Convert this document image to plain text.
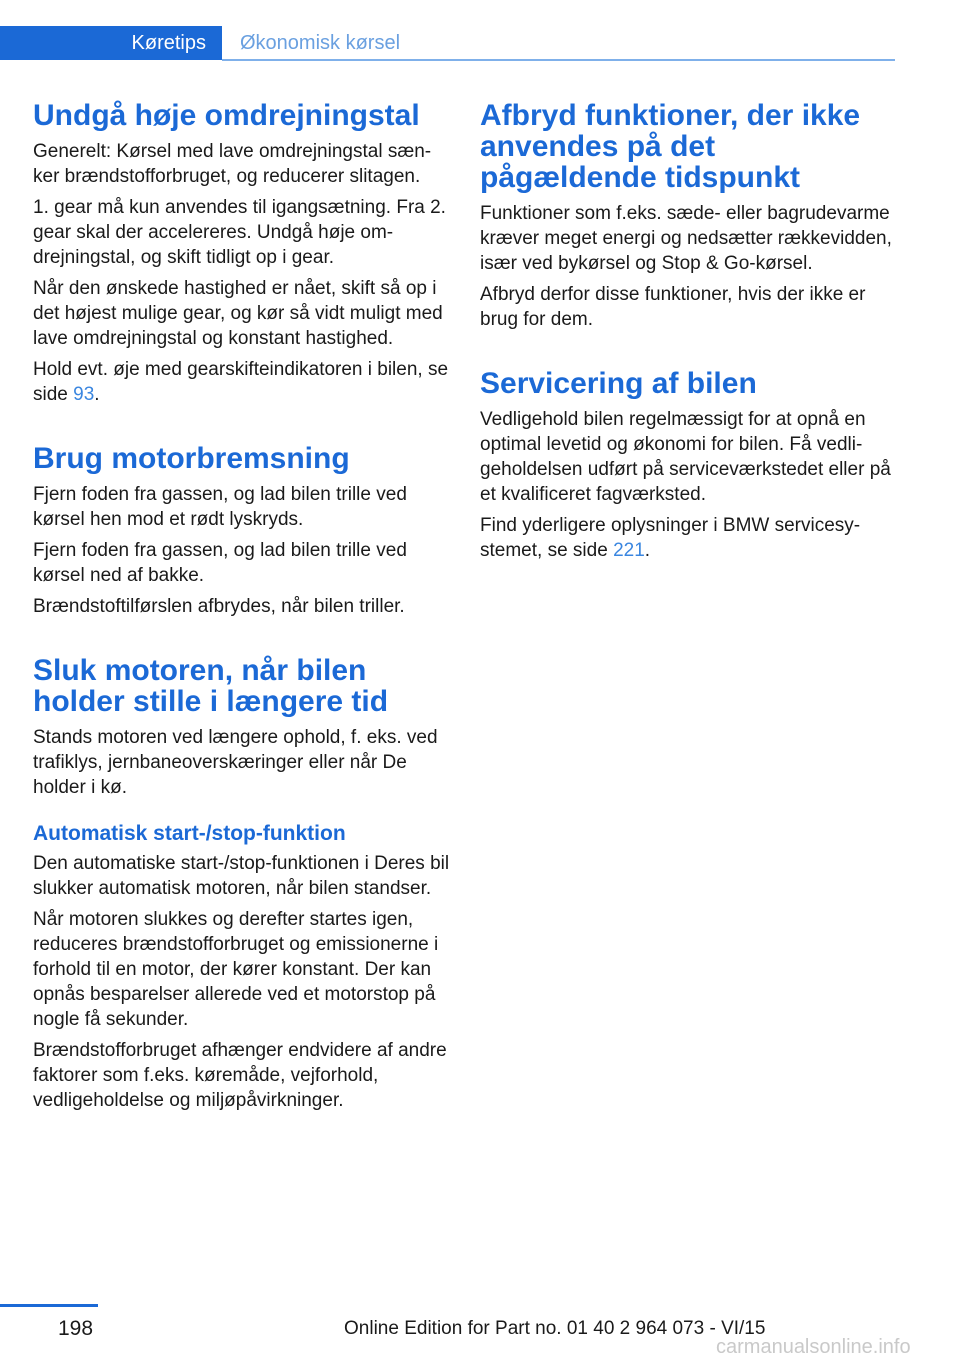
Køretips Økonomisk kørsel
Undgå høje omdrejningstal

Generelt: Kørsel med lave omdrejningstal sænker brændstofforbruget, og reducerer slitagen.

1. gear må kun anvendes til igangsætning. Fra 2. gear skal der accelereres. Undgå høje omdrejningstal, og skift tidligt op i gear.

Når den ønskede hastighed er nået, skift så op i det højest mulige gear, og kør så vidt muligt med lave omdrejningstal og konstant hastighed.

Hold evt. øje med gearskifteindikatoren i bilen, se side 93.

Brug motorbremsning

Fjern foden fra gassen, og lad bilen trille ved kørsel hen mod et rødt lyskryds.

Fjern foden fra gassen, og lad bilen trille ved kørsel ned af bakke.

Brændstoftilførslen afbrydes, når bilen triller.

Sluk motoren, når bilen holder stille i længere tid

Stands motoren ved længere ophold, f. eks. ved trafiklys, jernbaneoverskæringer eller når De holder i kø.

Automatisk start-/stop-funktion

Den automatiske start-/stop-funktionen i Deres bil slukker automatisk motoren, når bilen standser.

Når motoren slukkes og derefter startes igen, reduceres brændstofforbruget og emissionerne i forhold til en motor, der kører konstant. Der kan opnås besparelser allerede ved et motorstop på nogle få sekunder.

Brændstofforbruget afhænger endvidere af andre faktorer som f.eks. køremåde, vejforhold, vedligeholdelse og miljøpåvirkninger.

Afbryd funktioner, der ikke anvendes på det pågældende tidspunkt

Funktioner som f.eks. sæde- eller bagrudevarme kræver meget energi og nedsætter rækkevidden, især ved bykørsel og Stop & Go-kørsel.

Afbryd derfor disse funktioner, hvis der ikke er brug for dem.

Servicering af bilen

Vedligehold bilen regelmæssigt for at opnå en optimal levetid og økonomi for bilen. Få vedligeholdelsen udført på serviceværkstedet eller på et kvalificeret fagværksted.

Find yderligere oplysninger i BMW servicesystemet, se side 221.

198	Online Edition for Part no. 01 40 2 964 073 - VI/15
carmanualsonline.info
